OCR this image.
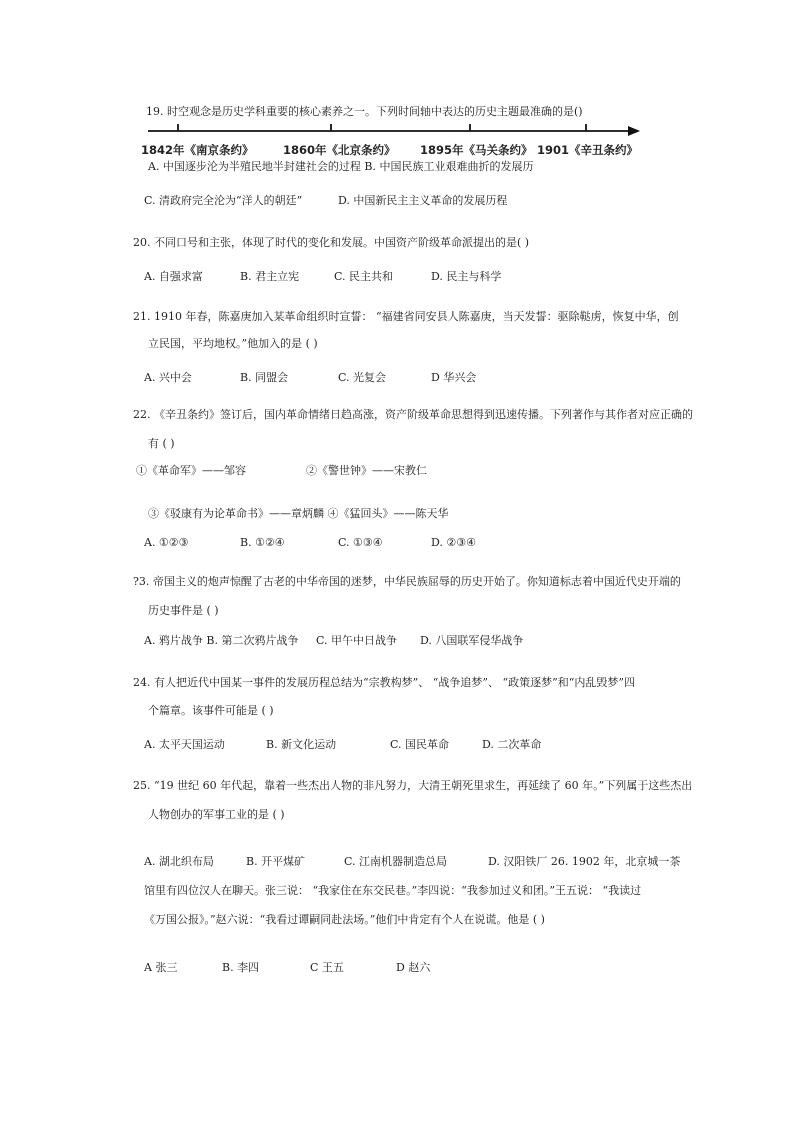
19. 时空观念是历史学科重要的核心素养之一。下列时间轴中表达的历史主题最准确的是()
1842年《南京条约》	1860年《北京条约》 1895年《马关条约》 1901《辛丑条约》
A. 中国逐步沦为半殖民地半封建社会的过程 B. 中国民族工业艰难曲折的发展历
C. 清政府完全沦为“洋人的朝廷”	D. 中国新民主主义革命的发展历程
20. 不同口号和主张，体现了时代的变化和发展。中国资产阶级革命派提出的是( )
A. 自强求富	B. 君主立宪	C. 民主共和	D. 民主与科学
21. 1910 年春，陈嘉庚加入某革命组织时宣誓： “福建省同安县人陈嘉庚，当天发誓：驱除鞑虏，恢复中华，创
立民国，平均地权。”他加入的是 ( )
A. 兴中会	B. 同盟会	C. 光复会	D 华兴会
22. 《辛丑条约》签订后，国内革命情绪日趋高涨，资产阶级革命思想得到迅速传播。下列著作与其作者对应正确的
有 ( )
①《革命军》——邹容	②《警世钟》——宋教仁
③《驳康有为论革命书》——章炳麟 ④《猛回头》——陈天华
A. ①②③	B. ①②④	C. ①③④	D. ②③④
?3. 帝国主义的炮声惊醒了古老的中华帝国的迷梦，中华民族屈辱的历史开始了。你知道标志着中国近代史开端的
历史事件是 ( )
A. 鸦片战争 B. 第二次鸦片战争 C. 甲午中日战争 D. 八国联军侵华战争
24. 有人把近代中国某一事件的发展历程总结为“宗教构梦”、 “战争追梦”、 “政策逐梦”和“内乱毁梦”四
个篇章。该事件可能是 ( )
A. 太平天国运动	B. 新文化运动	C. 国民革命	D. 二次革命
25. “19 世纪 60 年代起，靠着一些杰出人物的非凡努力，大清王朝死里求生，再延续了 60 年。”下列属于这些杰出
人物创办的军事工业的是 ( )
A. 湖北织布局	B. 开平煤矿	C. 江南机器制造总局	D. 汉阳铁厂 26. 1902 年，北京城一茶
馆里有四位汉人在聊天。张三说： “我家住在东交民巷。”李四说：“我参加过义和团。”王五说： “我读过
《万国公报》。”赵六说：“我看过谭嗣同赴法场。”他们中肯定有个人在说谎。他是 ( )
A 张三	B. 李四	C 王五	D 赵六
